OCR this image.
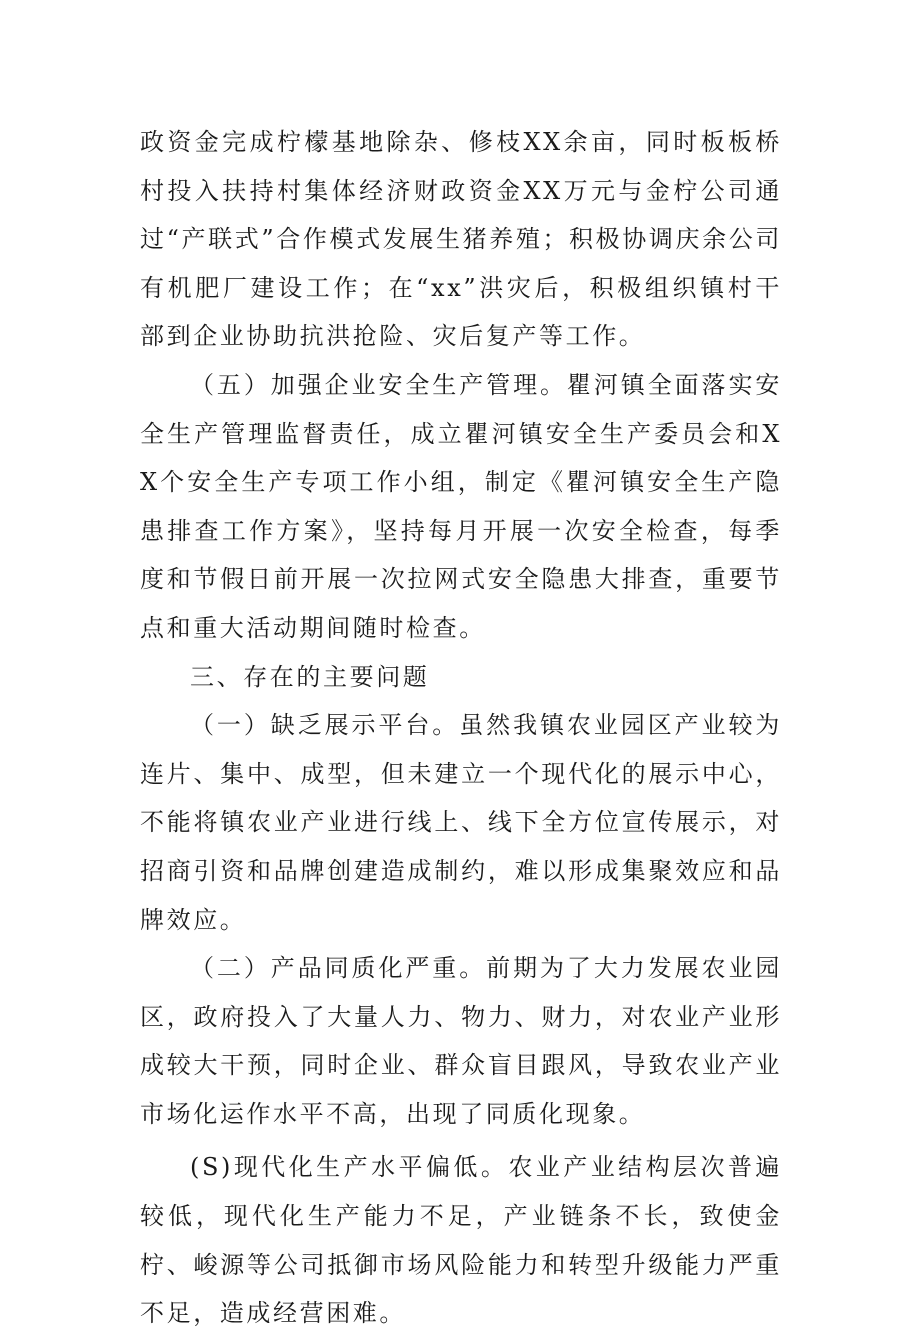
政资金完成柠檬基地除杂、修枝XX余亩，同时板板桥村投入扶持村集体经济财政资金XX万元与金柠公司通过“产联式”合作模式发展生猪养殖；积极协调庆余公司有机肥厂建设工作；在“xx”洪灾后，积极组织镇村干部到企业协助抗洪抢险、灾后复产等工作。

（五）加强企业安全生产管理。瞿河镇全面落实安全生产管理监督责任，成立瞿河镇安全生产委员会和XX个安全生产专项工作小组，制定《瞿河镇安全生产隐患排查工作方案》，坚持每月开展一次安全检查，每季度和节假日前开展一次拉网式安全隐患大排查，重要节点和重大活动期间随时检查。

三、存在的主要问题

（一）缺乏展示平台。虽然我镇农业园区产业较为连片、集中、成型，但未建立一个现代化的展示中心，不能将镇农业产业进行线上、线下全方位宣传展示，对招商引资和品牌创建造成制约，难以形成集聚效应和品牌效应。

（二）产品同质化严重。前期为了大力发展农业园区，政府投入了大量人力、物力、财力，对农业产业形成较大干预，同时企业、群众盲目跟风，导致农业产业市场化运作水平不高，出现了同质化现象。

(S)现代化生产水平偏低。农业产业结构层次普遍较低，现代化生产能力不足，产业链条不长，致使金柠、峻源等公司抵御市场风险能力和转型升级能力严重不足，造成经营困难。
